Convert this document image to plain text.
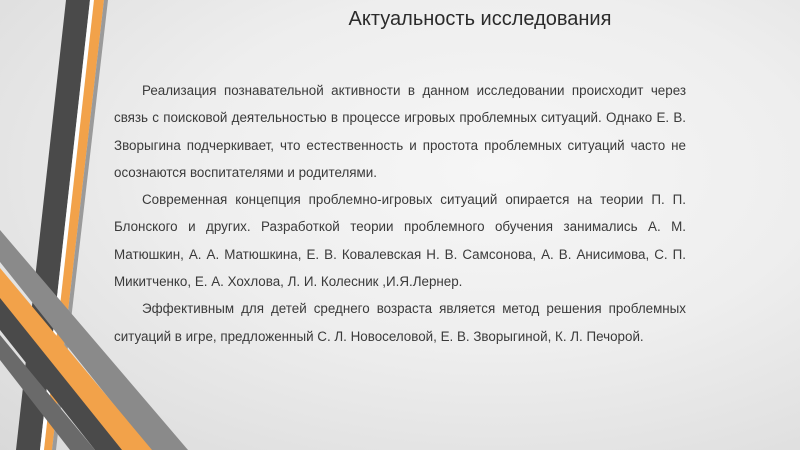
Актуальность исследования

Реализация познавательной активности в данном исследовании происходит через связь с поисковой деятельностью в процессе игровых проблемных ситуаций. Однако Е. В. Зворыгина подчеркивает, что естественность и простота проблемных ситуаций часто не осознаются воспитателями и родителями.

Современная концепция проблемно-игровых ситуаций опирается на теории П. П. Блонского и других. Разработкой теории проблемного обучения занимались А. М. Матюшкин, А. А. Матюшкина, Е. В. Ковалевская Н. В. Самсонова, А. В. Анисимова, С. П. Микитченко, Е. А. Хохлова, Л. И. Колесник ,И.Я.Лернер.

Эффективным для детей среднего возраста является метод решения проблемных ситуаций в игре, предложенный С. Л. Новоселовой, Е. В. Зворыгиной, К. Л. Печорой.
